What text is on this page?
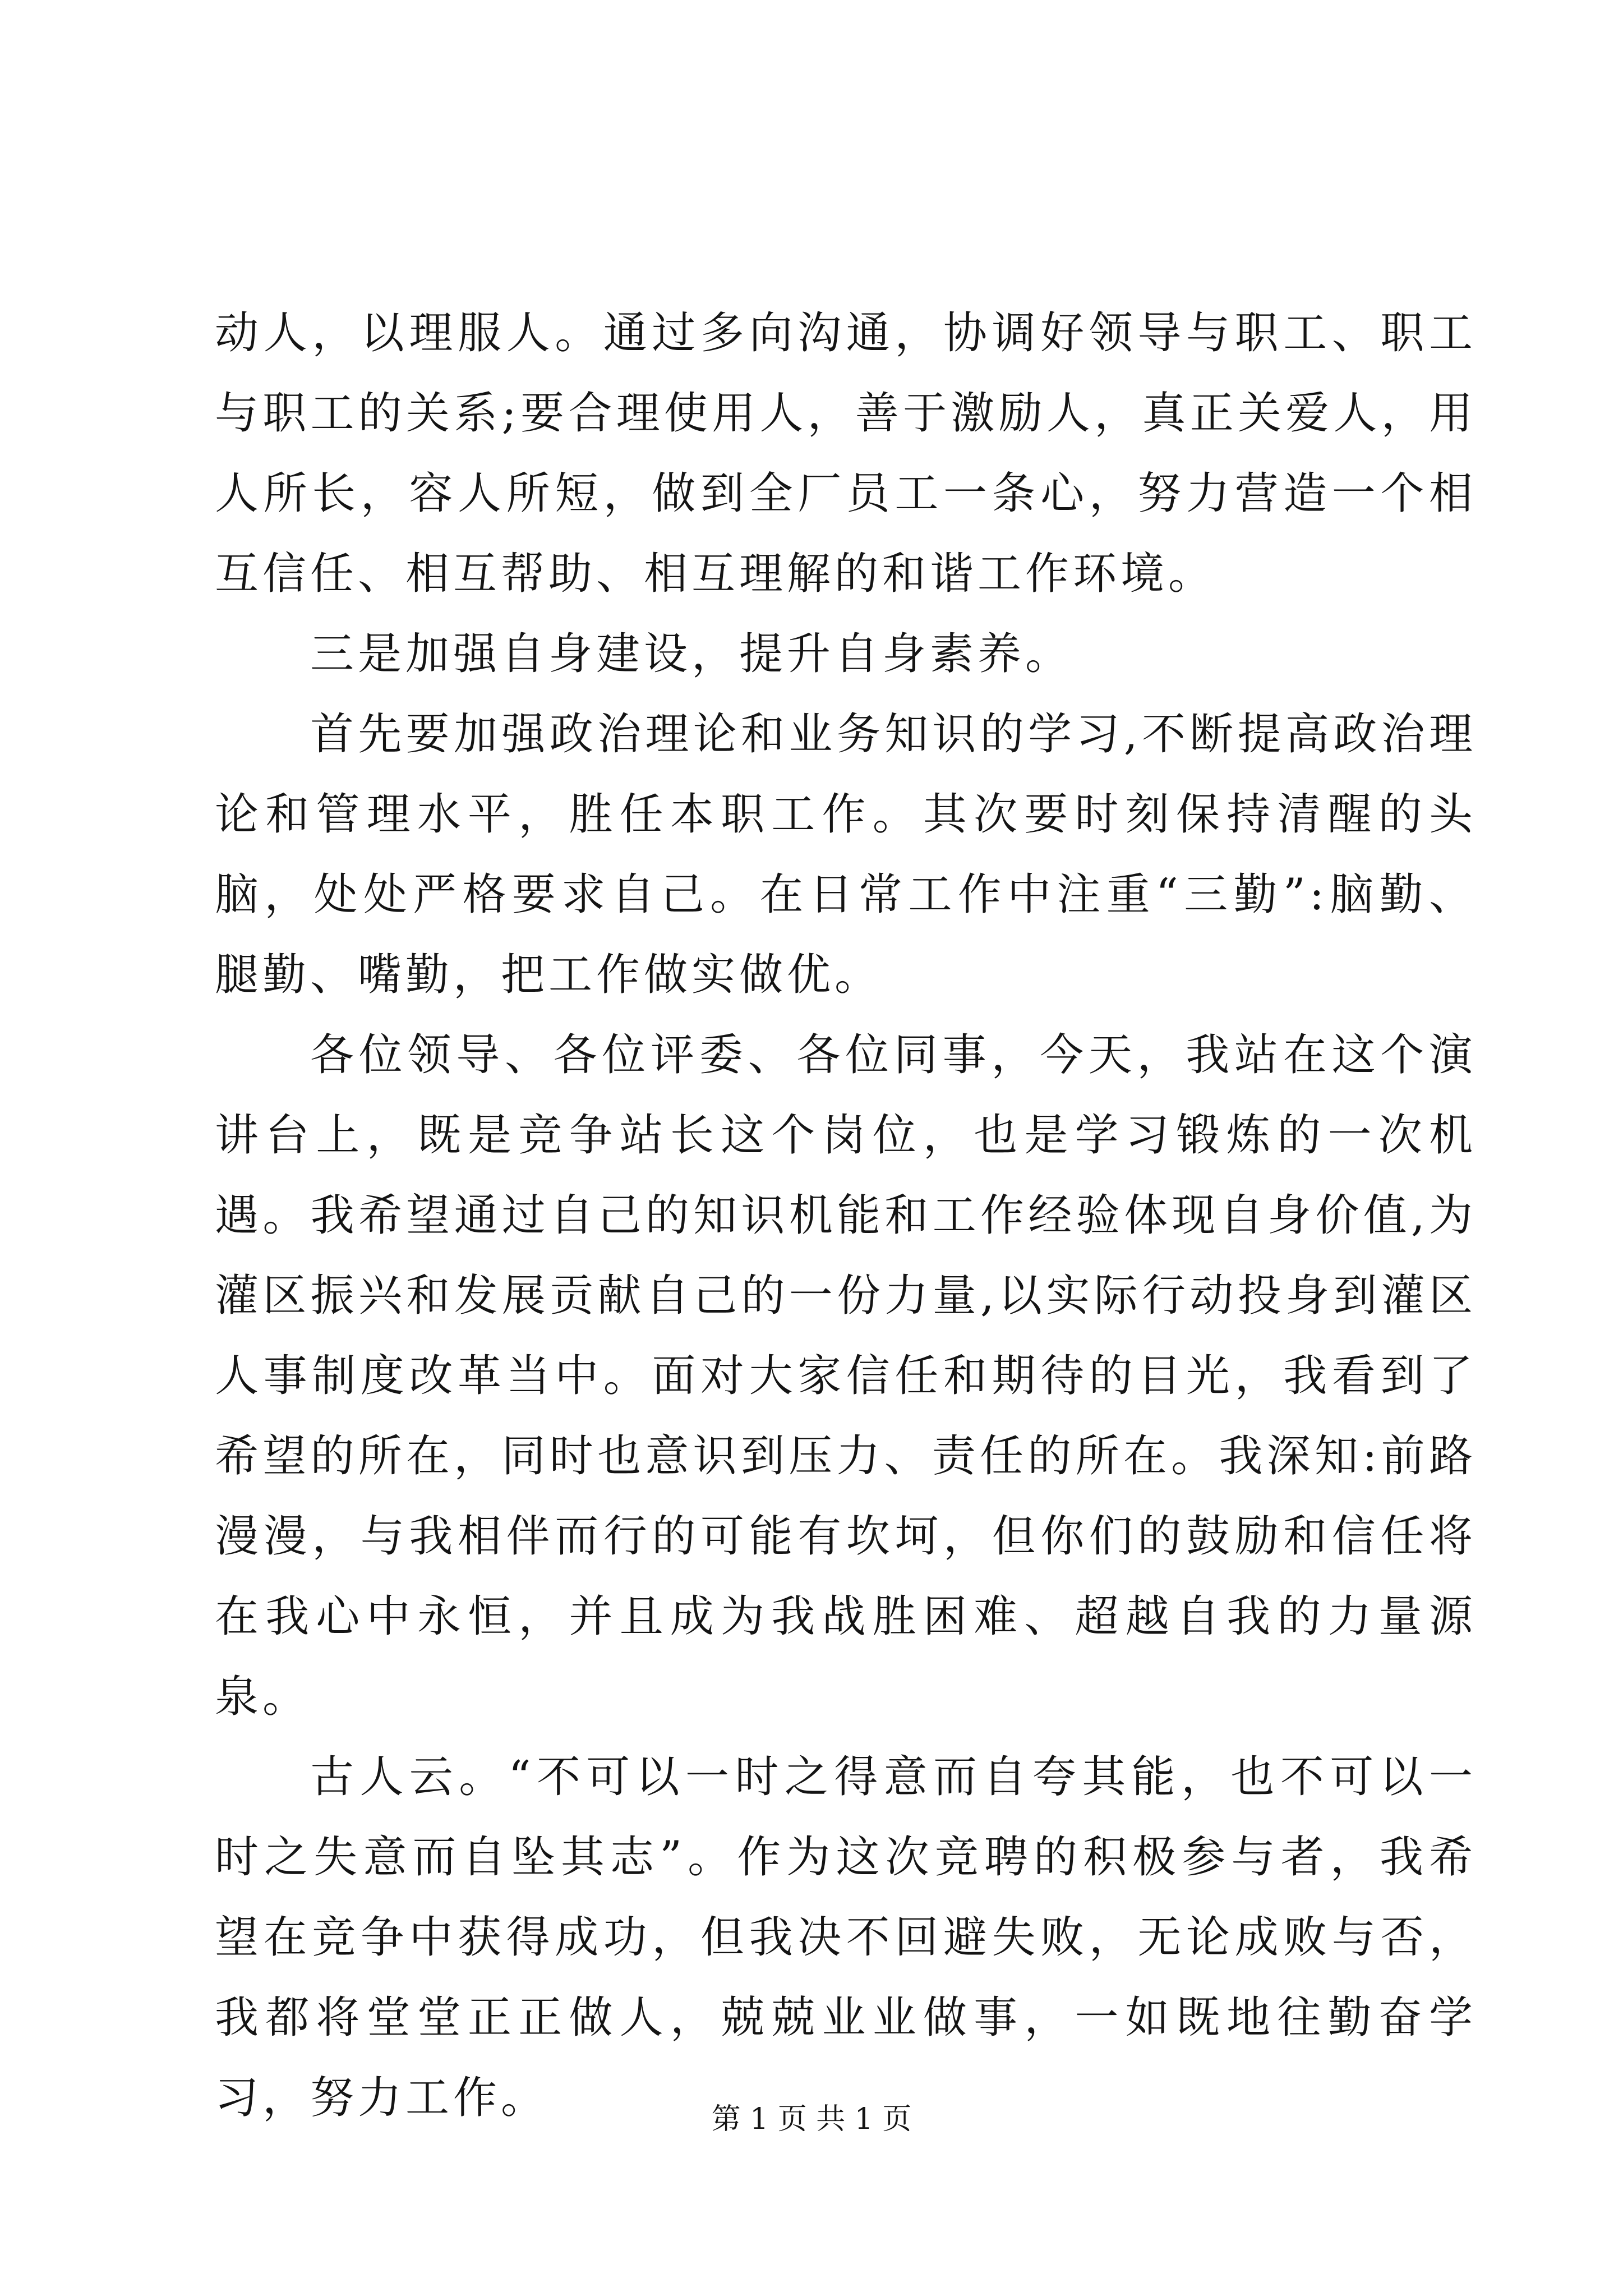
动人，以理服人。通过多向沟通，协调好领导与职工、职工与职工的关系;要合理使用人，善于激励人，真正关爱人，用人所长，容人所短，做到全厂员工一条心，努力营造一个相互信任、相互帮助、相互理解的和谐工作环境。

三是加强自身建设，提升自身素养。

首先要加强政治理论和业务知识的学习,不断提高政治理论和管理水平，胜任本职工作。其次要时刻保持清醒的头脑，处处严格要求自己。在日常工作中注重“三勤”:脑勤、腿勤、嘴勤，把工作做实做优。

各位领导、各位评委、各位同事，今天，我站在这个演讲台上，既是竞争站长这个岗位，也是学习锻炼的一次机遇。我希望通过自己的知识机能和工作经验体现自身价值,为灌区振兴和发展贡献自己的一份力量,以实际行动投身到灌区人事制度改革当中。面对大家信任和期待的目光，我看到了希望的所在，同时也意识到压力、责任的所在。我深知:前路漫漫，与我相伴而行的可能有坎坷，但你们的鼓励和信任将在我心中永恒，并且成为我战胜困难、超越自我的力量源泉。

古人云。“不可以一时之得意而自夸其能，也不可以一时之失意而自坠其志”。作为这次竞聘的积极参与者，我希望在竞争中获得成功，但我决不回避失败，无论成败与否，我都将堂堂正正做人，兢兢业业做事，一如既地往勤奋学习，努力工作。	第 1 页 共 1 页
